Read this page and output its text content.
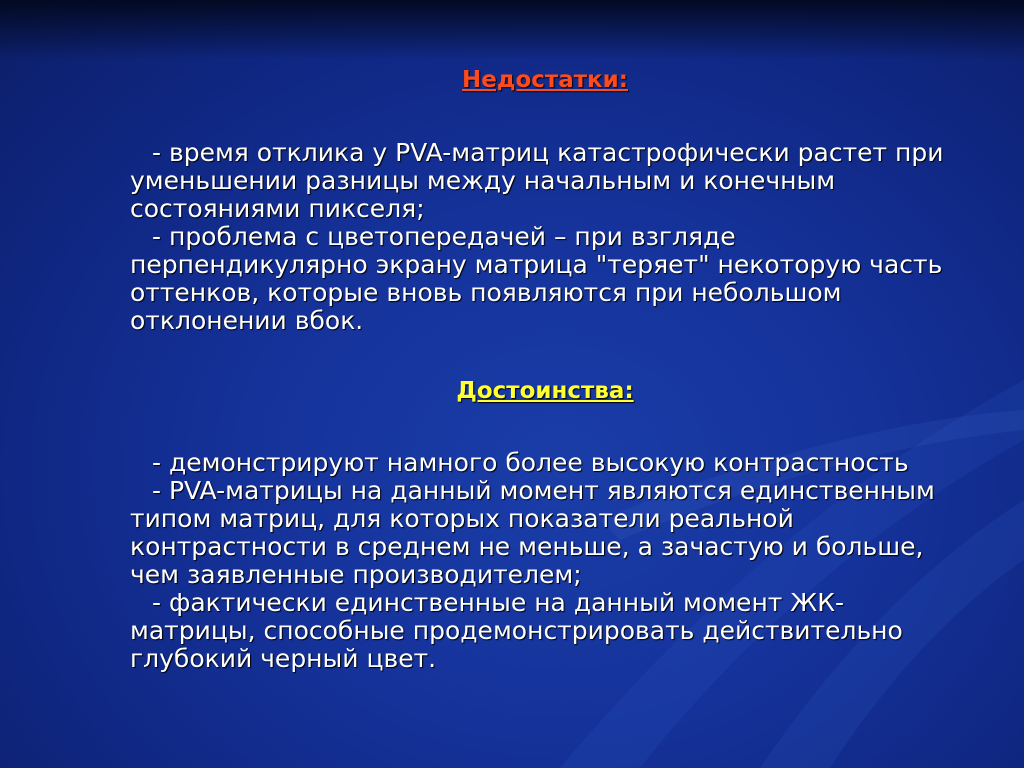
Недостатки:

- время отклика у PVA-матриц катастрофически растет при уменьшении разницы между начальным и конечным состояниями пикселя;

- проблема с цветопередачей – при взгляде перпендикулярно экрану матрица "теряет" некоторую часть оттенков, которые вновь появляются при небольшом отклонении вбок.

Достоинства:

- демонстрируют намного более высокую контрастность

- PVA-матрицы на данный момент являются единственным типом матриц, для которых показатели реальной контрастности в среднем не меньше, а зачастую и больше, чем заявленные производителем;

- фактически единственные на данный момент ЖК-матрицы, способные продемонстрировать действительно глубокий черный цвет.
